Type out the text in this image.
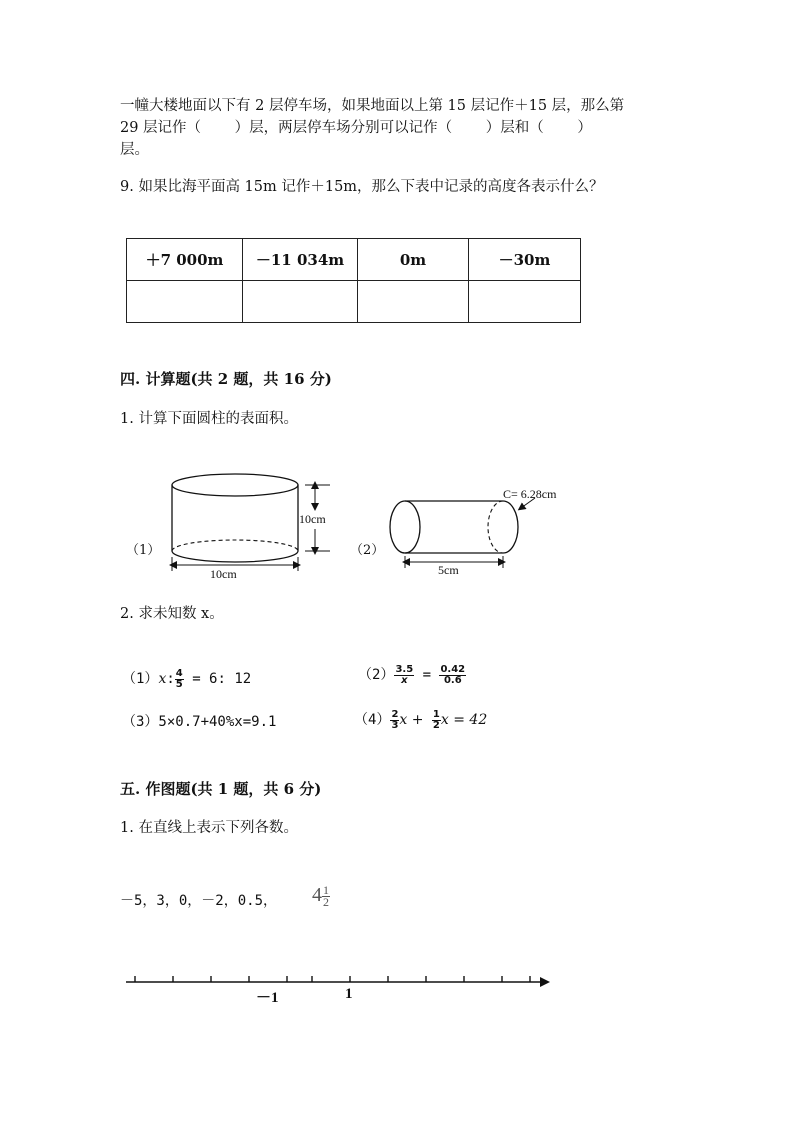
一幢大楼地面以下有 2 层停车场，如果地面以上第 15 层记作＋15 层，那么第
29 层记作（　　 ）层，两层停车场分别可以记作（　　 ）层和（　　 ）
层。
9. 如果比海平面高 15m 记作＋15m，那么下表中记录的高度各表示什么？
＋7 000m	－11 034m	0m	－30m

四. 计算题(共 2 题，共 16 分)
1. 计算下面圆柱的表面积。
（1）
10cm
10cm
（2）
C= 6.28cm
5cm
2. 求未知数 x。
（1）x: $\frac{4}{5} = 6$: 12	$(2) \frac{3.5}{x} = \frac{0.42}{0.6}$
（3）5×0.7+40%x=9.1	$(4) \frac{2}{3}$ $x + \frac{1}{2}$ x = 42
五. 作图题(共 1 题，共 6 分)
1. 在直线上表示下列各数。
－5，3，0，－2，0.5， $4 \frac{1}{2}$
－1	1
